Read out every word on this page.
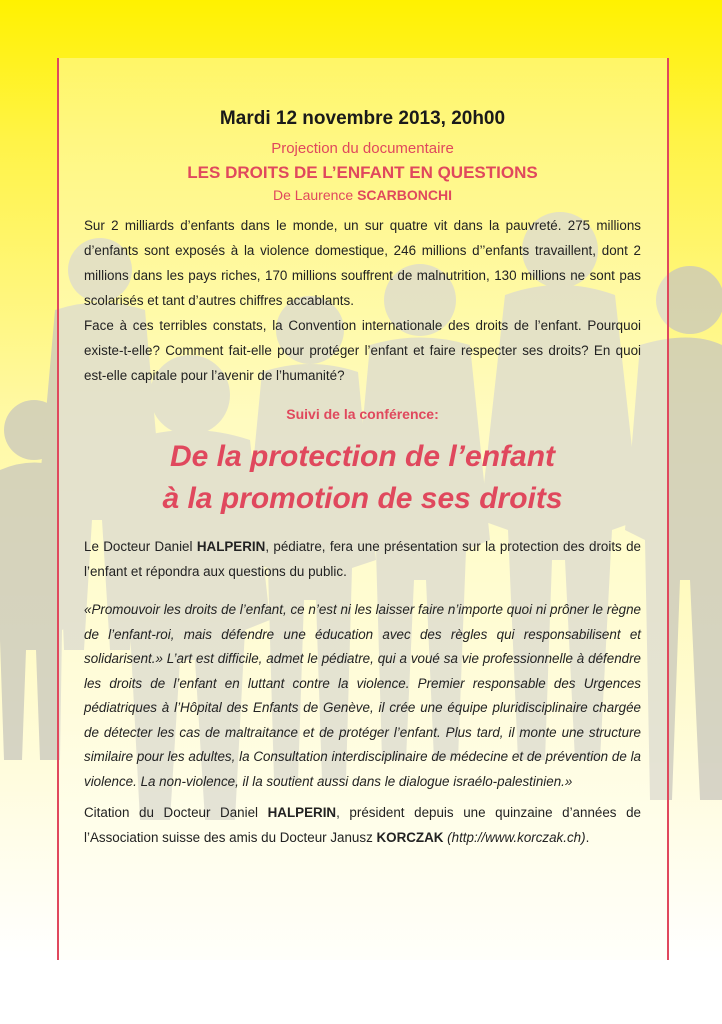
Mardi 12 novembre 2013, 20h00

Projection du documentaire

LES DROITS DE L’ENFANT EN QUESTIONS

De Laurence SCARBONCHI

Sur 2 milliards d’enfants dans le monde, un sur quatre vit dans la pauvreté. 275 millions d’enfants sont exposés à la violence domestique, 246 millions d’’enfants travaillent, dont 2 millions dans les pays riches, 170 millions souffrent de malnutrition, 130 millions ne sont pas scolarisés et tant d’autres chiffres accablants.

Face à ces terribles constats, la Convention internationale des droits de l’enfant. Pourquoi existe-t-elle? Comment fait-elle pour protéger l’enfant et faire respecter ses droits? En quoi est-elle capitale pour l’avenir de l’humanité?

Suivi de la conférence:

De la protection de l’enfant
à la promotion de ses droits

Le Docteur Daniel HALPERIN, pédiatre, fera une présentation sur la protection des droits de l’enfant et répondra aux questions du public.

«Promouvoir les droits de l’enfant, ce n’est ni les laisser faire n’importe quoi ni prôner le règne de l’enfant-roi, mais défendre une éducation avec des règles qui responsabilisent et solidarisent.» L’art est difficile, admet le pédiatre, qui a voué sa vie professionnelle à défendre les droits de l’enfant en luttant contre la violence. Premier responsable des Urgences pédiatriques à l’Hôpital des Enfants de Genève, il crée une équipe pluridisciplinaire chargée de détecter les cas de maltraitance et de protéger l’enfant. Plus tard, il monte une structure similaire pour les adultes, la Consultation interdisciplinaire de médecine et de prévention de la violence. La non-violence, il la soutient aussi dans le dialogue israélo-palestinien.»

Citation du Docteur Daniel HALPERIN, président depuis une quinzaine d’années de l’Association suisse des amis du Docteur Janusz KORCZAK (http://www.korczak.ch).
